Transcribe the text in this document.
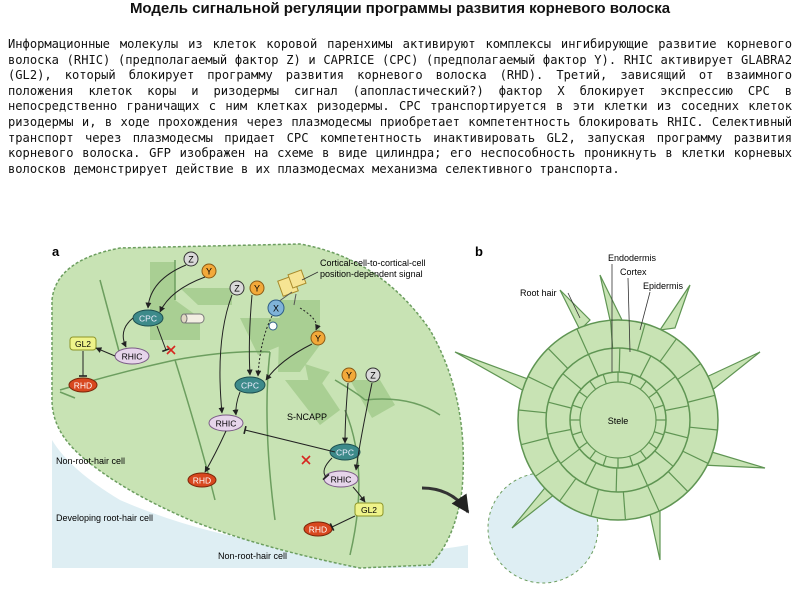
Модель сигнальной регуляции программы развития корневого волоска
Информационные молекулы из клеток коровой паренхимы активируют комплексы ингибирующие развитие корневого волоска (RHIC) (предполагаемый фактор Z) и CAPRICE (CPC) (предполагаемый фактор Y). RHIC активирует GLABRA2 (GL2), который блокирует программу развития корневого волоска (RHD). Третий, зависящий от взаимного положения клеток коры и ризодермы сигнал (апопластический?) фактор X блокирует экспрессию CPC в непосредственно граничащих с ним клетках ризодермы. CPC транспортируется в эти клетки из соседних клеток ризодермы и, в ходе прохождения через плазмодесмы приобретает компетентность блокировать RHIC. Селективный транспорт через плазмодесмы придает CPC компетентность инактивировать GL2, запуская программу развития корневого волоска. GFP изображен на схеме в виде цилиндра; его неспособность проникнуть в клетки корневых волосков демонстрирует действие в их плазмодесмах механизма селективного транспорта.
a
Cortical-cell-to-cortical-cell
position-dependent signal
Z
Z
Z
Y
Y
Y
Y
X
CPC
CPC
CPC
RHIC
RHIC
RHIC
GL2
GL2
RHD
RHD
RHD
S-NCAPP
Non-root-hair cell
Developing root-hair cell
Non-root-hair cell
b	Endodermis
Cortex
Epidermis
Root hair
Stele
